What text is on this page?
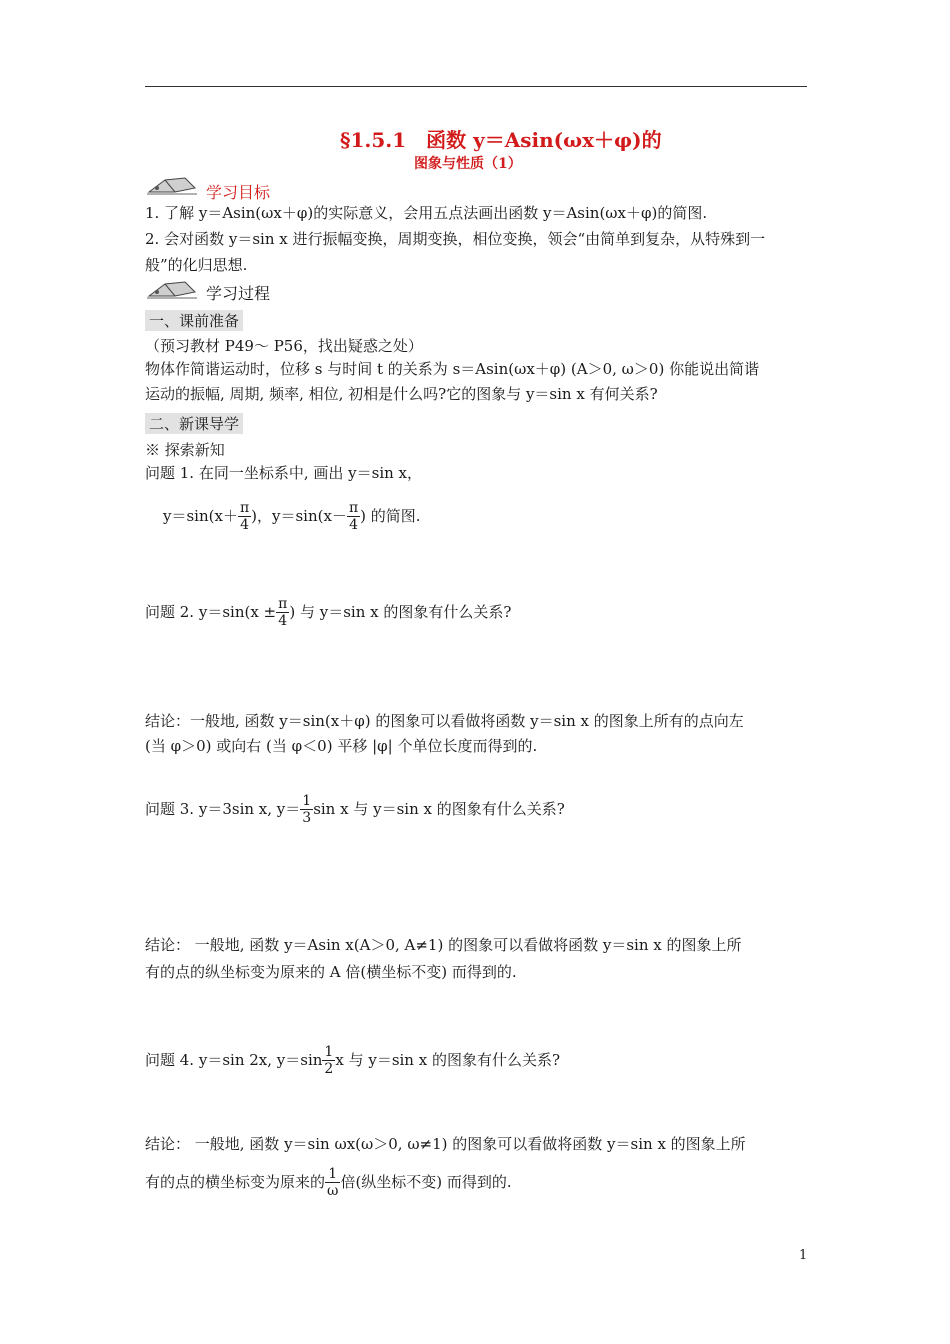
§1.5.1　函数 y＝Asin(ωx＋φ)的
图象与性质（1）
学习目标
1. 了解 y＝Asin(ωx＋φ)的实际意义，会用五点法画出函数 y＝Asin(ωx＋φ)的简图.
2. 会对函数 y＝sin x 进行振幅变换，周期变换，相位变换，领会“由简单到复杂，从特殊到一
般”的化归思想.
学习过程
一、课前准备
（预习教材 P49～ P56，找出疑惑之处）
物体作简谐运动时，位移 s 与时间 t 的关系为 s＝Asin(ωx＋φ) (A＞0, ω＞0) 你能说出简谐
运动的振幅, 周期, 频率, 相位, 初相是什么吗?它的图象与 y＝sin x 有何关系?
二、新课导学
※ 探索新知
问题 1. 在同一坐标系中, 画出 y＝sin x，
$y=\sin(x+ \frac{\pi}{4}$ )，$y=\sin(x- \frac{\pi}{4}$ ) 的简图.
问题 2. $y=\sin(x \pm \frac{\pi}{4}$ ) 与 y＝sin x 的图象有什么关系?
结论：一般地, 函数 y＝sin(x＋φ) 的图象可以看做将函数 y＝sin x 的图象上所有的点向左
(当 φ＞0) 或向右 (当 φ＜0) 平移 |φ| 个单位长度而得到的.
问题 3. y＝3sin x, $y= \frac{1}{3}$ sin x 与 y＝sin x 的图象有什么关系?
结论： 一般地, 函数 y＝Asin x(A＞0, A≠1) 的图象可以看做将函数 y＝sin x 的图象上所
有的点的纵坐标变为原来的 A 倍(横坐标不变) 而得到的.
问题 4. y＝sin 2x, $y=\sin \frac{1}{2}$ x 与 y＝sin x 的图象有什么关系?
结论： 一般地, 函数 y＝sin ωx(ω＞0, ω≠1) 的图象可以看做将函数 y＝sin x 的图象上所
有的点的横坐标变为原来的 $\frac{1}{\omega}$ 倍(纵坐标不变) 而得到的.
1
